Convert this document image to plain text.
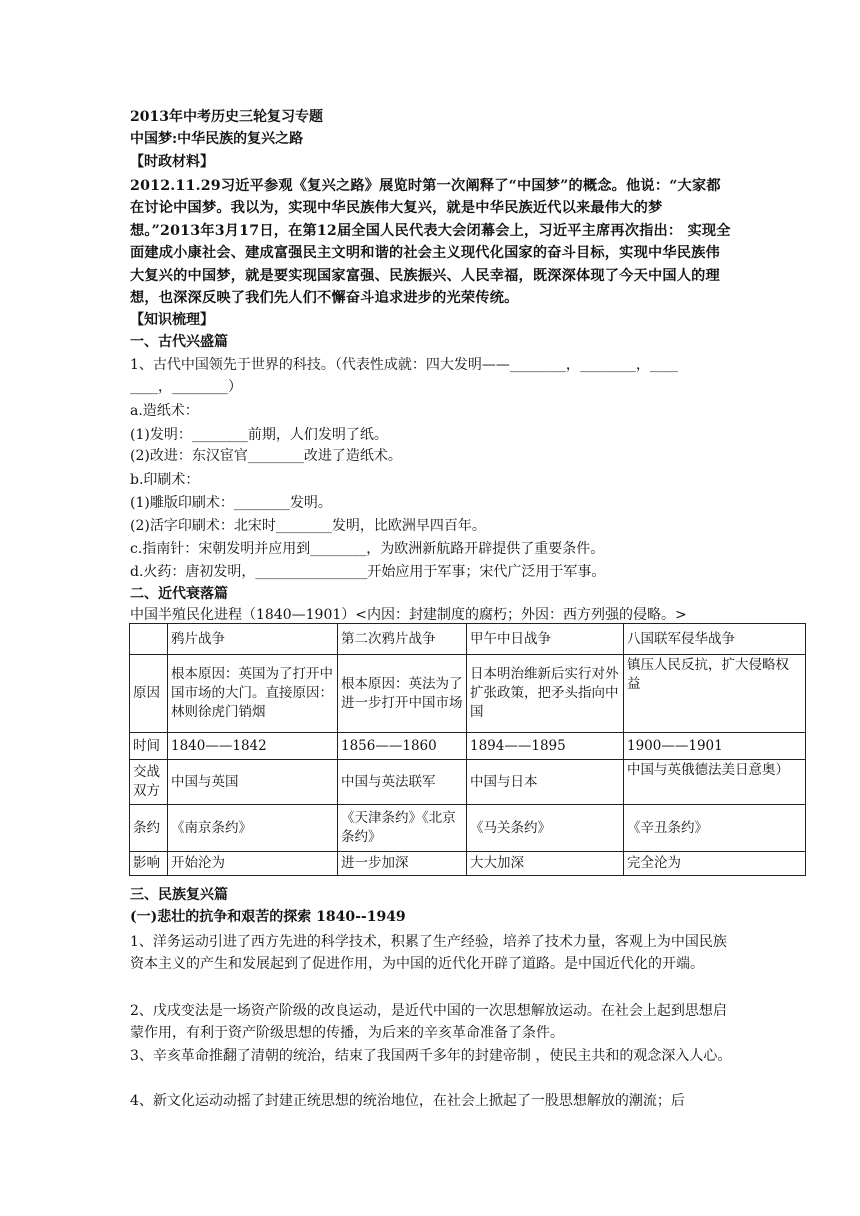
2013年中考历史三轮复习专题
中国梦:中华民族的复兴之路
【时政材料】
2012.11.29习近平参观《复兴之路》展览时第一次阐释了“中国梦”的概念。他说：“大家都在讨论中国梦。我以为，实现中华民族伟大复兴，就是中华民族近代以来最伟大的梦想。”2013年3月17日，在第12届全国人民代表大会闭幕会上，习近平主席再次指出： 实现全面建成小康社会、建成富强民主文明和谐的社会主义现代化国家的奋斗目标，实现中华民族伟大复兴的中国梦，就是要实现国家富强、民族振兴、人民幸福，既深深体现了今天中国人的理想，也深深反映了我们先人们不懈奋斗追求进步的光荣传统。
【知识梳理】
一、古代兴盛篇
1、古代中国领先于世界的科技。（代表性成就：四大发明——________，________，____
____，________）
a.造纸术：
(1)发明：________前期，人们发明了纸。
(2)改进：东汉宦官________改进了造纸术。
b.印刷术：
(1)雕版印刷术：________发明。
(2)活字印刷术：北宋时________发明，比欧洲早四百年。
c.指南针：宋朝发明并应用到________，为欧洲新航路开辟提供了重要条件。
d.火药：唐初发明，________________开始应用于军事；宋代广泛用于军事。
二、近代衰落篇
中国半殖民化进程（1840—1901）<内因：封建制度的腐朽；外因：西方列强的侵略。>
	鸦片战争	第二次鸦片战争	甲午中日战争	八国联军侵华战争
原因	根本原因：英国为了打开中国市场的大门。直接原因：林则徐虎门销烟	根本原因：英法为了进一步打开中国市场	日本明治维新后实行对外扩张政策，把矛头指向中国	镇压人民反抗，扩大侵略权益
时间	1840——1842	1856——1860	1894——1895	1900——1901
交战双方	中国与英国	中国与英法联军	中国与日本	中国与英俄德法美日意奥）
条约	《南京条约》	《天津条约》《北京条约》	《马关条约》	《辛丑条约》
影响	开始沦为	进一步加深	大大加深	完全沦为
三、民族复兴篇
(一)悲壮的抗争和艰苦的探索 1840--1949
1、洋务运动引进了西方先进的科学技术，积累了生产经验，培养了技术力量，客观上为中国民族资本主义的产生和发展起到了促进作用，为中国的近代化开辟了道路。是中国近代化的开端。
2、戊戌变法是一场资产阶级的改良运动，是近代中国的一次思想解放运动。在社会上起到思想启蒙作用，有利于资产阶级思想的传播，为后来的辛亥革命准备了条件。
3、辛亥革命推翻了清朝的统治，结束了我国两千多年的封建帝制 ，使民主共和的观念深入人心。
4、新文化运动动摇了封建正统思想的统治地位，在社会上掀起了一股思想解放的潮流；后
